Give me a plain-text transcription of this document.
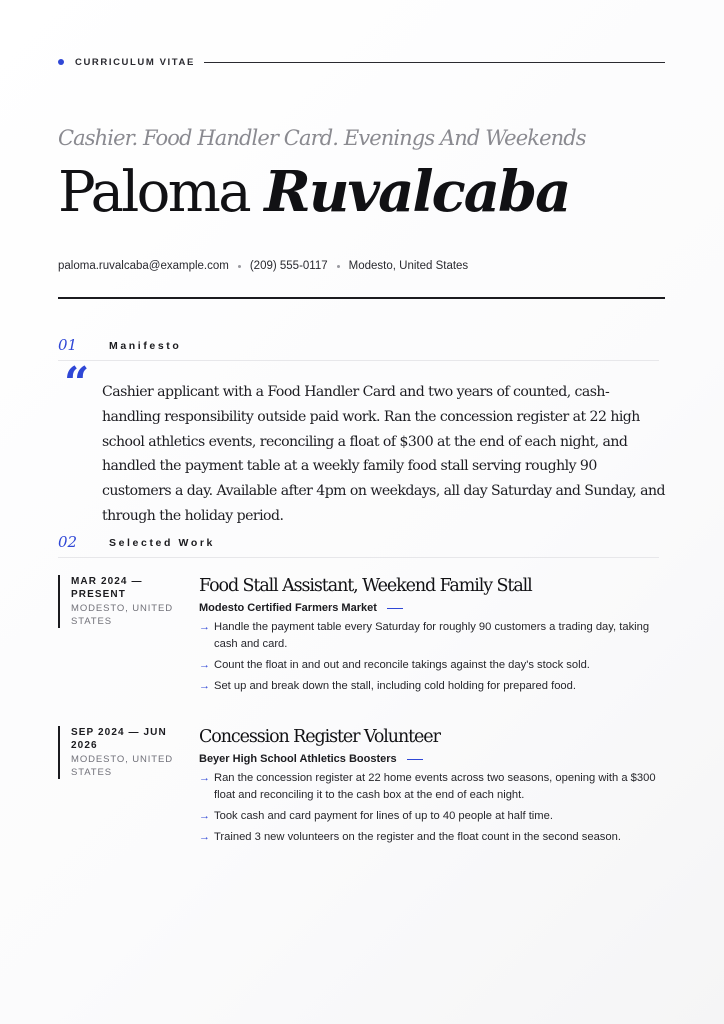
CURRICULUM VITAE
Cashier. Food Handler Card. Evenings And Weekends
Paloma Ruvalcaba
paloma.ruvalcaba@example.com (209) 555-0117 Modesto, United States
01	Manifesto
“ Cashier applicant with a Food Handler Card and two years of counted, cash-handling responsibility outside paid work. Ran the concession register at 22 high school athletics events, reconciling a float of $300 at the end of each night, and handled the payment table at a weekly family food stall serving roughly 90 customers a day. Available after 4pm on weekdays, all day Saturday and Sunday, and through the holiday period.

02	Selected Work

MAR 2024 — PRESENT

MODESTO, UNITED STATES

Food Stall Assistant, Weekend Family Stall

Modesto Certified Farmers Market
→ Handle the payment table every Saturday for roughly 90 customers a trading day, taking cash and card.
→ Count the float in and out and reconcile takings against the day's stock sold.
→ Set up and break down the stall, including cold holding for prepared food.

SEP 2024 — JUN 2026

MODESTO, UNITED STATES

Concession Register Volunteer

Beyer High School Athletics Boosters
→ Ran the concession register at 22 home events across two seasons, opening with a $300 float and reconciling it to the cash box at the end of each night.
→ Took cash and card payment for lines of up to 40 people at half time.
→ Trained 3 new volunteers on the register and the float count in the second season.
